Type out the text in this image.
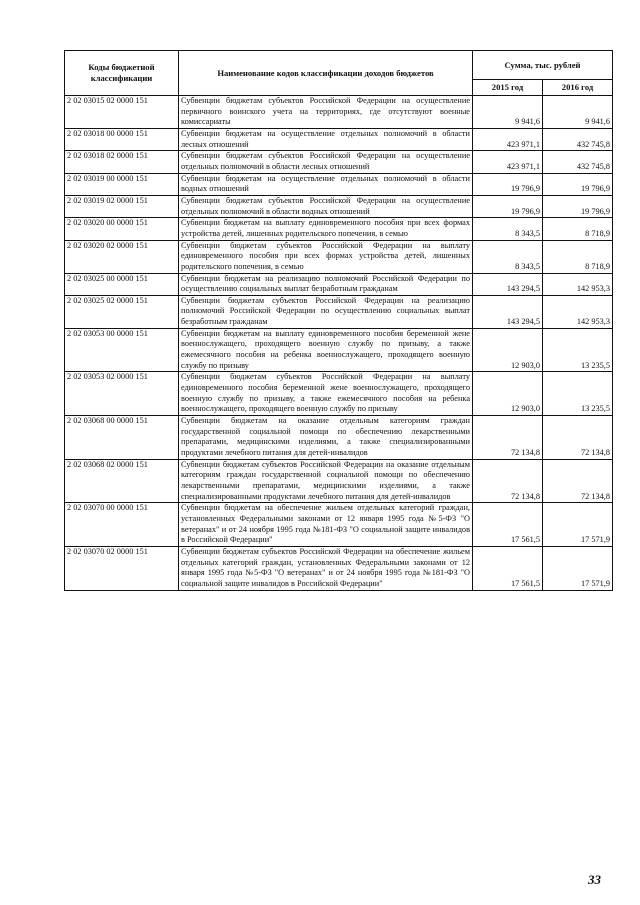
Коды бюджетной классификации	Наименование кодов классификации доходов бюджетов	Сумма, тыс. рублей	
		2015 год	2016 год
2 02 03015 02 0000 151	Субвенции бюджетам субъектов Российской Федерации на осуществление первичного воинского учета на территориях, где отсутствуют военные комиссариаты	9 941,6	9 941,6
2 02 03018 00 0000 151	Субвенции бюджетам на осуществление отдельных полномочий в области лесных отношений	423 971,1	432 745,8
2 02 03018 02 0000 151	Субвенции бюджетам субъектов Российской Федерации на осуществление отдельных полномочий в области лесных отношений	423 971,1	432 745,8
2 02 03019 00 0000 151	Субвенции бюджетам на осуществление отдельных полномочий в области водных отношений	19 796,9	19 796,9
2 02 03019 02 0000 151	Субвенции бюджетам субъектов Российской Федерации на осуществление отдельных полномочий в области водных отношений	19 796,9	19 796,9
2 02 03020 00 0000 151	Субвенции бюджетам на выплату единовременного пособия при всех формах устройства детей, лишенных родительского попечения, в семью	8 343,5	8 718,9
2 02 03020 02 0000 151	Субвенции бюджетам субъектов Российской Федерации на выплату единовременного пособия при всех формах устройства детей, лишенных родительского попечения, в семью	8 343,5	8 718,9
2 02 03025 00 0000 151	Субвенции бюджетам на реализацию полномочий Российской Федерации по осуществлению социальных выплат безработным гражданам	143 294,5	142 953,3
2 02 03025 02 0000 151	Субвенции бюджетам субъектов Российской Федерации на реализацию полномочий Российской Федерации по осуществлению социальных выплат безработным гражданам	143 294,5	142 953,3
2 02 03053 00 0000 151	Субвенции бюджетам на выплату единовременного пособия беременной жене военнослужащего, проходящего военную службу по призыву, а также ежемесячного пособия на ребенка военнослужащего, проходящего военную службу по призыву	12 903,0	13 235,5
2 02 03053 02 0000 151	Субвенции бюджетам субъектов Российской Федерации на выплату единовременного пособия беременной жене военнослужащего, проходящего военную службу по призыву, а также ежемесячного пособия на ребенка военнослужащего, проходящего военную службу по призыву	12 903,0	13 235,5
2 02 03068 00 0000 151	Субвенции бюджетам на оказание отдельным категориям граждан государственной социальной помощи по обеспечению лекарственными препаратами, медицинскими изделиями, а также специализированными продуктами лечебного питания для детей-инвалидов	72 134,8	72 134,8
2 02 03068 02 0000 151	Субвенции бюджетам субъектов Российской Федерации на оказание отдельным категориям граждан государственной социальной помощи по обеспечению лекарственными препаратами, медицинскими изделиями, а также специализированными продуктами лечебного питания для детей-инвалидов	72 134,8	72 134,8
2 02 03070 00 0000 151	Субвенции бюджетам на обеспечение жильем отдельных категорий граждан, установленных Федеральными законами от 12 января 1995 года №5-ФЗ "О ветеранах" и от 24 ноября 1995 года №181-ФЗ "О социальной защите инвалидов в Российской Федерации"	17 561,5	17 571,9
2 02 03070 02 0000 151	Субвенции бюджетам субъектов Российской Федерации на обеспечение жильем отдельных категорий граждан, установленных Федеральными законами от 12 января 1995 года №5-ФЗ "О ветеранах" и от 24 ноября 1995 года №181-ФЗ "О социальной защите инвалидов в Российской Федерации"	17 561,5	17 571,9
33
